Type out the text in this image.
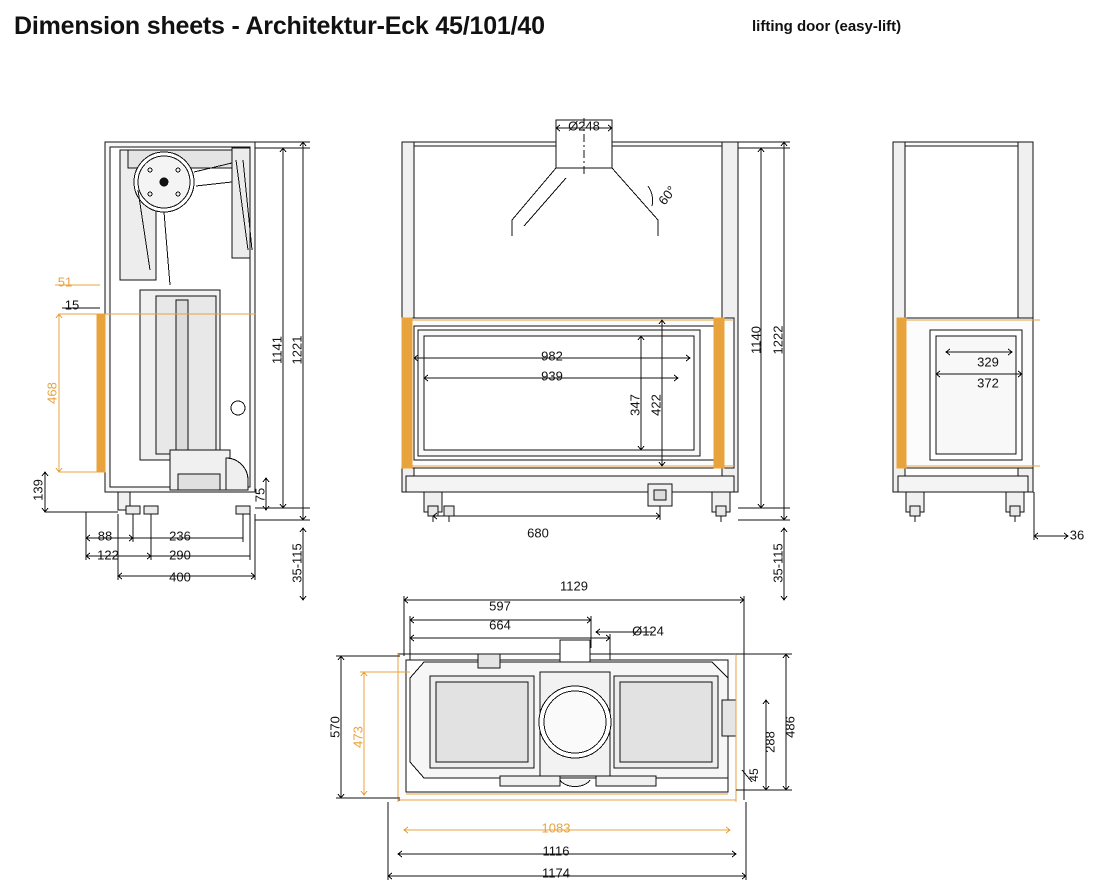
Dimension sheets - Architektur-Eck 45/101/40	lifting door (easy-lift)
51
15
468
139	75
1141 1221
35-115
88
122
236
290
400
Ø248
60°
982
939
347 422
1140 1222
35-115
680
329
372
36
1129
597
664	Ø124
570 473	486
288
45
1083
1116
1174
